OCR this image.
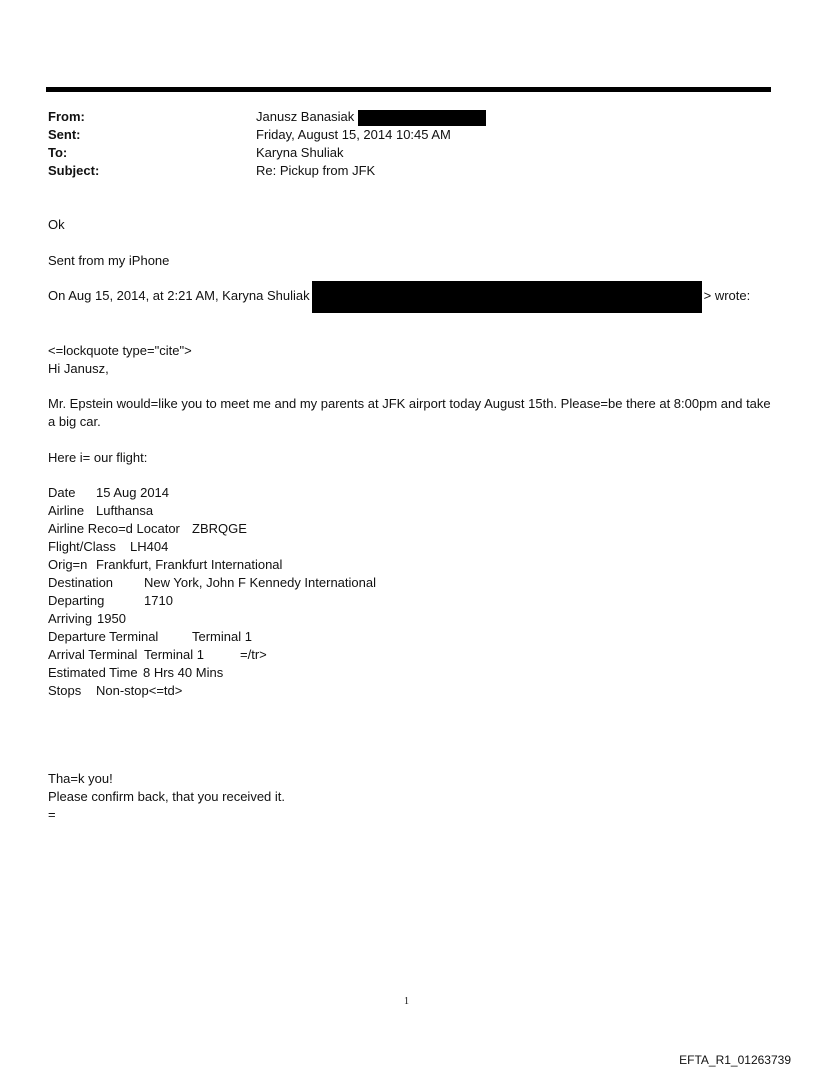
From:	Janusz Banasiak
Sent:	Friday, August 15, 2014 10:45 AM
To:	Karyna Shuliak
Subject:	Re: Pickup from JFK
Ok
Sent from my iPhone
On Aug 15, 2014, at 2:21 AM, Karyna Shuliak	> wrote:
<=lockquote type="cite">
Hi Janusz,
Mr. Epstein would=like you to meet me and my parents at JFK airport today August 15th. Please=be there at 8:00pm and take a big car.
Here i= our flight:
Date 15 Aug 2014
Airline Lufthansa
Airline Reco=d Locator ZBRQGE
Flight/Class LH404
Orig=n Frankfurt, Frankfurt International
Destination New York, John F Kennedy International
Departing	1710
Arriving 1950
Departure Terminal	Terminal 1
Arrival Terminal Terminal 1	=/tr>
Estimated Time 8 Hrs 40 Mins
Stops Non-stop<=td>
Tha=k you!
Please confirm back, that you received it.
=
1
EFTA_R1_01263739
